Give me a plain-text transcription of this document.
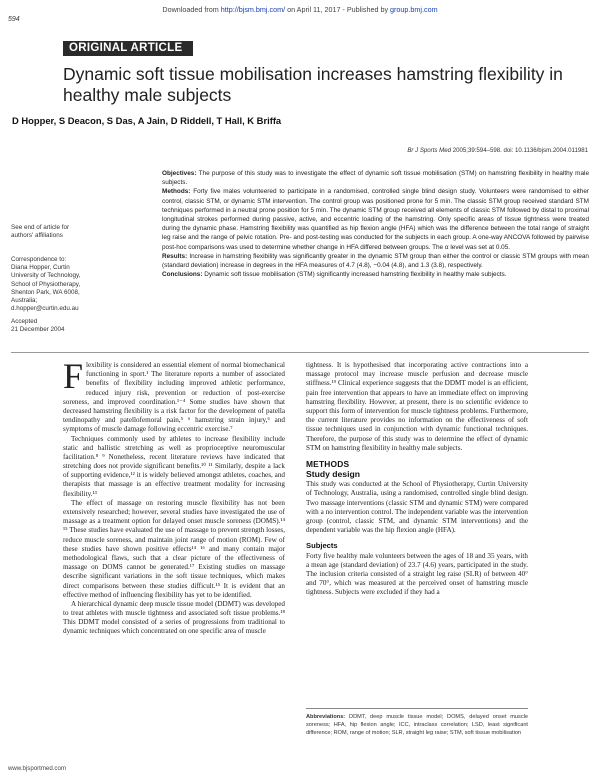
Downloaded from http://bjsm.bmj.com/ on April 11, 2017 - Published by group.bmj.com
594
ORIGINAL ARTICLE
Dynamic soft tissue mobilisation increases hamstring flexibility in healthy male subjects
D Hopper, S Deacon, S Das, A Jain, D Riddell, T Hall, K Briffa
Br J Sports Med 2005;39:594–598. doi: 10.1136/bjsm.2004.011981

Objectives: The purpose of this study was to investigate the effect of dynamic soft tissue mobilisation (STM) on hamstring flexibility in healthy male subjects.

Methods: Forty five males volunteered to participate in a randomised, controlled single blind design study. Volunteers were randomised to either control, classic STM, or dynamic STM intervention. The control group was positioned prone for 5 min. The classic STM group received standard STM techniques performed in a neutral prone position for 5 min. The dynamic STM group received all elements of classic STM followed by distal to proximal longitudinal strokes performed during passive, active, and eccentric loading of the hamstring. Only specific areas of tissue tightness were treated during the dynamic phase. Hamstring flexibility was quantified as hip flexion angle (HFA) which was the difference between the total range of straight leg raise and the range of pelvic rotation. Pre- and post-testing was conducted for the subjects in each group. A one-way ANCOVA followed by pairwise post-hoc comparisons was used to determine whether change in HFA differed between groups. The α level was set at 0.05.

Results: Increase in hamstring flexibility was significantly greater in the dynamic STM group than either the control or classic STM groups with mean (standard deviation) increase in degrees in the HFA measures of 4.7 (4.8), −0.04 (4.8), and 1.3 (3.8), respectively.

Conclusions: Dynamic soft tissue mobilisation (STM) significantly increased hamstring flexibility in healthy male subjects.

See end of article for authors' affiliations

Correspondence to: Diana Hopper, Curtin University of Technology, School of Physiotherapy, Shenton Park, WA 6008, Australia; d.hopper@curtin.edu.au

Accepted

21 December 2004

Flexibility is considered an essential element of normal biomechanical functioning in sport.¹ The literature reports a number of associated benefits of flexibility including improved athletic performance, reduced injury risk, prevention or reduction of post-exercise soreness, and improved coordination.¹⁻⁴ Some studies have shown that decreased hamstring flexibility is a risk factor for the development of patella tendinopathy and patellofemoral pain,⁵ ⁶ hamstring strain injury,⁶ and symptoms of muscle damage following eccentric exercise.⁷

Techniques commonly used by athletes to increase flexibility include static and ballistic stretching as well as proprioceptive neuromuscular facilitation.⁸ ⁹ Nonetheless, recent literature reviews have indicated that stretching does not provide significant benefits.¹⁰ ¹¹ Similarly, despite a lack of supporting evidence,¹² it is widely believed amongst athletes, coaches, and therapists that massage is an effective treatment modality for increasing flexibility.¹³

The effect of massage on restoring muscle flexibility has not been extensively researched; however, several studies have investigated the use of massage as a treatment option for delayed onset muscle soreness (DOMS).¹⁴ ¹⁵ These studies have evaluated the use of massage to prevent strength losses, reduce muscle soreness, and maintain joint range of motion (ROM). Few of these studies have shown positive effects¹⁴ ¹⁶ and many contain major methodological flaws, such that a clear picture of the effectiveness of massage on DOMS cannot be generated.¹⁷ Existing studies on massage describe significant variations in the soft tissue techniques, which makes direct comparisons between these studies difficult.¹⁵ It is evident that an effective method of influencing flexibility has yet to be identified.

A hierarchical dynamic deep muscle tissue model (DDMT) was developed to treat athletes with muscle tightness and associated soft tissue problems.¹⁸ This DDMT model consisted of a series of progressions from traditional to dynamic techniques which concentrated on one specific area of muscle

tightness. It is hypothesised that incorporating active contractions into a massage protocol may increase muscle perfusion and decrease muscle stiffness.¹⁹ Clinical experience suggests that the DDMT model is an efficient, pain free intervention that appears to have an immediate effect on improving hamstring flexibility. However, at present, there is no scientific evidence to support this form of intervention for muscle tightness problems. Furthermore, the current literature provides no information on the effectiveness of soft tissue techniques used in conjunction with dynamic functional techniques. Therefore, the purpose of this study was to determine the effect of dynamic STM on hamstring flexibility in healthy male subjects.

METHODS
Study design

This study was conducted at the School of Physiotherapy, Curtin University of Technology, Australia, using a randomised, controlled single blind design. Two massage interventions (classic STM and dynamic STM) were compared with a no intervention control. The independent variable was the intervention group (control, classic STM, and dynamic STM interventions) and the dependent variable was the hip flexion angle (HFA).

Subjects

Forty five healthy male volunteers between the ages of 18 and 35 years, with a mean age (standard deviation) of 23.7 (4.6) years, participated in the study. The inclusion criteria consisted of a straight leg raise (SLR) of between 40° and 70°, which was measured at the perceived onset of hamstring muscle tightness. Subjects were excluded if they had a

Abbreviations: DDMT, deep muscle tissue model; DOMS, delayed onset muscle soreness; HFA, hip flexion angle; ICC, intraclass correlation; LSD, least significant difference; ROM, range of motion; SLR, straight leg raise; STM, soft tissue mobilisation
www.bjsportmed.com
